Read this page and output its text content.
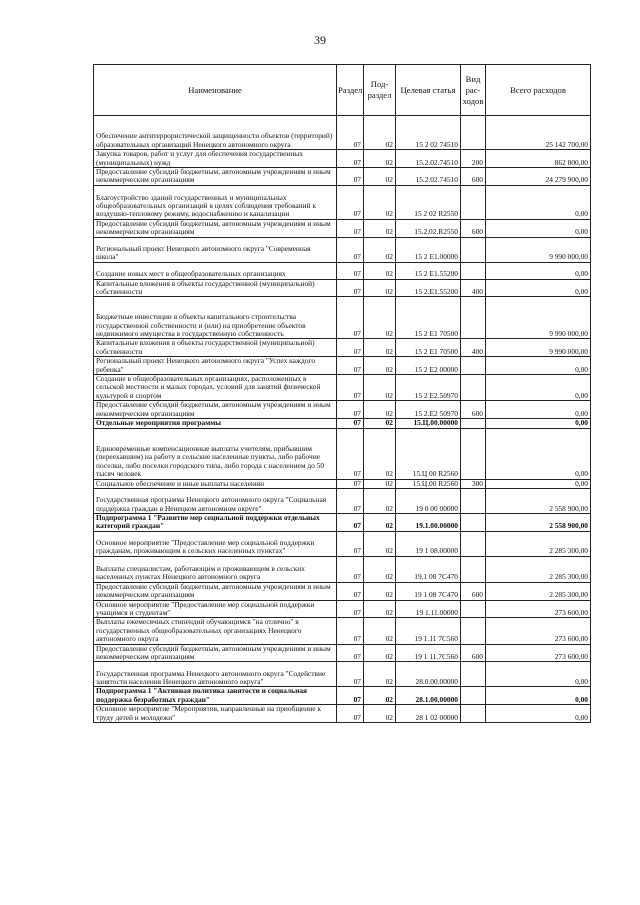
39
Наименование	Раздел	Под-раздел	Целевая статья	Вид рас-ходов	Всего расходов
Обеспечение антитеррористической защищенности объектов (территорий) образовательных организаций Ненецкого автономного округа	07	02	15 2 02 74510		25 142 700,00
Закупка товаров, работ и услуг для обеспечения государственных (муниципальных) нужд	07	02	15.2.02.74510	200	862 800,00
Предоставление субсидий бюджетным, автономным учреждениям и иным некоммерческим организациям	07	02	15.2.02.74510	600	24 279 900,00
Благоустройство зданий государственных и муниципальных общеобразовательных организаций в целях соблюдения требований к воздушно-тепловому режиму, водоснабжению и канализации	07	02	15 2 02 R2550		0,00
Предоставление субсидий бюджетным, автономным учреждениям и иным некоммерческим организациям	07	02	15.2.02.R2550	600	0,00
Региональный проект Ненецкого автономного округа "Современная школа"	07	02	15 2 E1.00000		9 990 000,00
Создание новых мест в общеобразовательных организациях	07	02	15 2 E1.55200		0,00
Капитальные вложения в объекты государственной (муниципальной) собственности	07	02	15 2.E1.55200	400	0,00
Бюджетные инвестиции в объекты капитального строительства государственной собственности и (или) на приобретение объектов недвижимого имущества в государственную собственность	07	02	15 2 E1 70500		9 990 000,00
Капитальные вложения в объекты государственной (муниципальной) собственности	07	02	15 2 E1 70500	400	9 990 000,00
Региональный проект Ненецкого автономного округа "Успех каждого ребенка"	07	02	15 2 E2 00000		0,00
Создание в общеобразовательных организациях, расположенных в сельской местности и малых городах, условий для занятий физической культурой и спортом	07	02	15 2 E2.50970		0,00
Предоставление субсидий бюджетным, автономным учреждениям и иным некоммерческим организациям	07	02	15 2.E2 50970	600	0,00
Отдельные мероприятия программы	07	02	15.Ц.00.00000		0,00
Единовременные компенсационные выплаты учителям, прибывшим (переехавшим) на работу в сельские населенные пункты, либо рабочие поселки, либо поселки городского типа, либо города с населением до 50 тысяч человек	07	02	15.Ц 00 R2560		0,00
Социальное обеспечение и иные выплаты населению	07	02	15.Ц.00 R2560	300	0,00
Государственная программа Ненецкого автономного округа "Социальная поддержка граждан в Ненецком автономном округе"	07	02	19 0 00 00000		2 558 900,00
Подпрограмма 1 "Развитие мер социальной поддержки отдельных категорий граждан"	07	02	19.1.00.00000		2 558 900,00
Основное мероприятие "Предоставление мер социальной поддержки гражданам, проживающим в сельских населенных пунктах"	07	02	19 1 08.00000		2 285 300,00
Выплаты специалистам, работающим и проживающим в сельских населенных пунктах Ненецкого автономного округа	07	02	19.1 08 7C470		2 285 300,00
Предоставление субсидий бюджетным, автономным учреждениям и иным некоммерческим организациям	07	02	19 1 08 7C470	600	2 285 300,00
Основное мероприятие "Предоставление мер социальной поддержки учащимся и студентам"	07	02	19 1.11.00000		273 600,00
Выплаты ежемесячных стипендий обучающимся "на отлично" в государственных общеобразовательных организациях Ненецкого автономного округа	07	02	19 1.11 7C560		273 600,00
Предоставление субсидий бюджетным, автономным учреждениям и иным некоммерческим организациям	07	02	19 1 11.7C560	600	273 600,00
Государственная программа Ненецкого автономного округа "Содействие занятости населения Ненецкого автономного округа"	07	02	28.0.00.00000		0,00
Подпрограмма 1 "Активная политика занятости и социальная поддержка безработных граждан"	07	02	28.1.00.00000		0,00
Основное мероприятие "Мероприятия, направленные на приобщение к труду детей и молодежи"	07	02	28 1 02 00000		0,00
